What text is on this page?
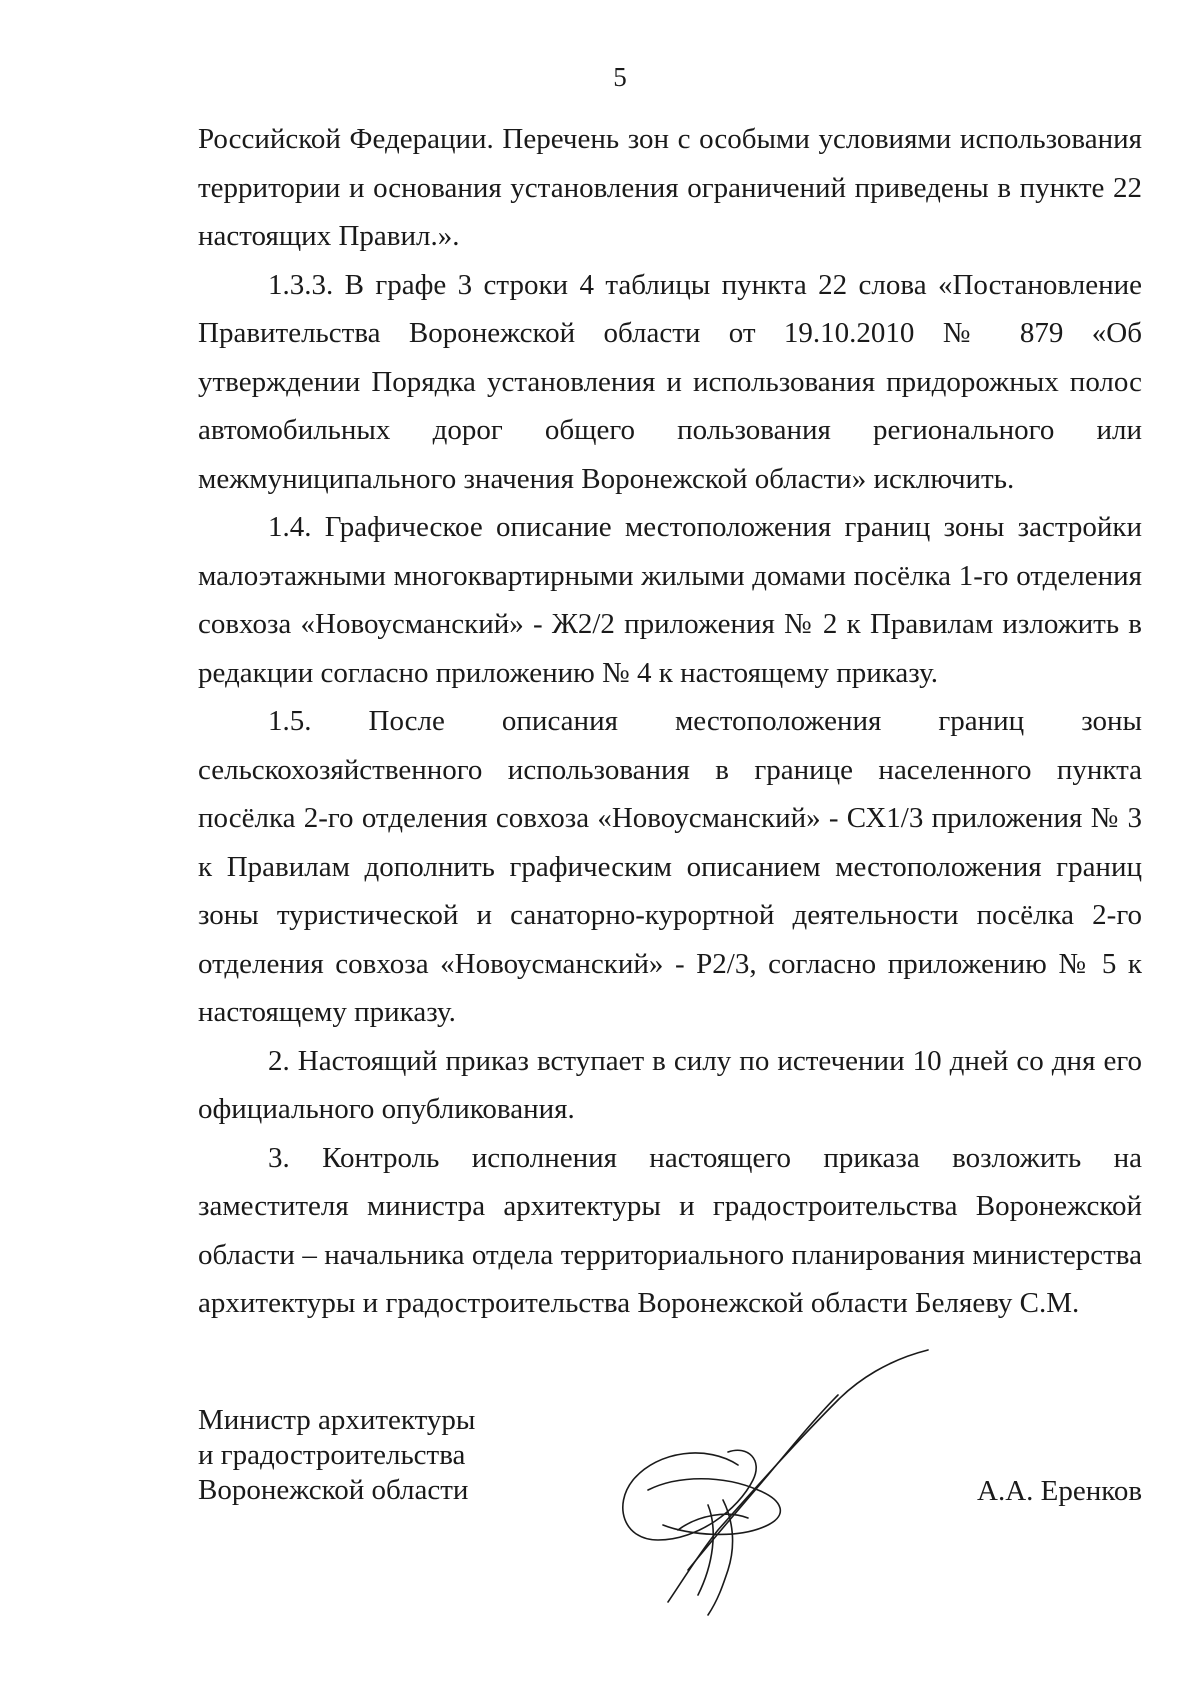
5

Российской Федерации. Перечень зон с особыми условиями использования территории и основания установления ограничений приведены в пункте 22 настоящих Правил.».

1.3.3. В графе 3 строки 4 таблицы пункта 22 слова «Постановление Правительства Воронежской области от 19.10.2010 № 879 «Об утверждении Порядка установления и использования придорожных полос автомобильных дорог общего пользования регионального или межмуниципального значения Воронежской области» исключить.

1.4. Графическое описание местоположения границ зоны застройки малоэтажными многоквартирными жилыми домами посёлка 1-го отделения совхоза «Новоусманский» - Ж2/2 приложения № 2 к Правилам изложить в редакции согласно приложению № 4 к настоящему приказу.

1.5. После описания местоположения границ зоны

сельскохозяйственного использования в границе населенного пункта посёлка 2-го отделения совхоза «Новоусманский» - СХ1/3 приложения № 3 к Правилам дополнить графическим описанием местоположения границ зоны туристической и санаторно-курортной деятельности посёлка 2-го отделения совхоза «Новоусманский» - Р2/3, согласно приложению № 5 к настоящему приказу.

2. Настоящий приказ вступает в силу по истечении 10 дней со дня его официального опубликования.

3. Контроль исполнения настоящего приказа возложить на заместителя министра архитектуры и градостроительства Воронежской области – начальника отдела территориального планирования министерства архитектуры и градостроительства Воронежской области Беляеву С.М.

Министр архитектуры
и градостроительства
Воронежской области	А.А. Еренков
